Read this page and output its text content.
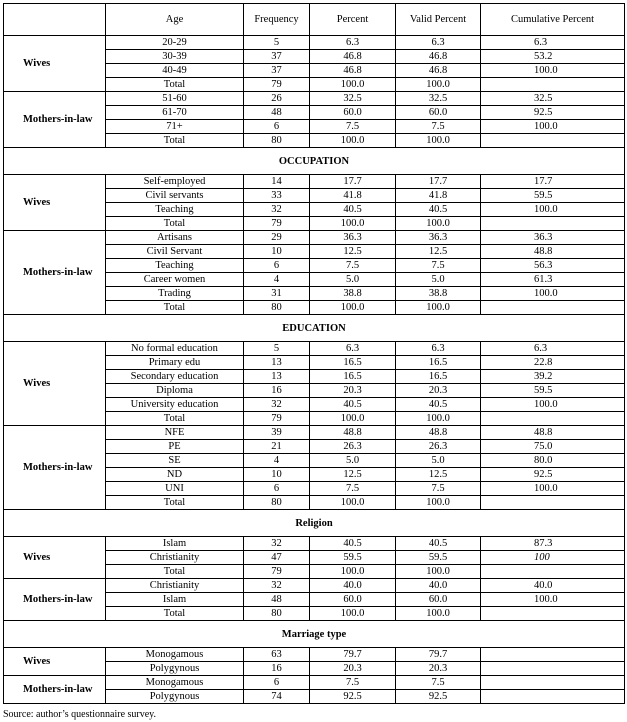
	Age	Frequency	Percent	Valid Percent	Cumulative Percent
Wives	20-29	5	6.3	6.3	6.3
	30-39	37	46.8	46.8	53.2
	40-49	37	46.8	46.8	100.0
	Total	79	100.0	100.0	
Mothers-in-law	51-60	26	32.5	32.5	32.5
	61-70	48	60.0	60.0	92.5
	71+	6	7.5	7.5	100.0
	Total	80	100.0	100.0	
OCCUPATION					
Wives	Self-employed	14	17.7	17.7	17.7
	Civil servants	33	41.8	41.8	59.5
	Teaching	32	40.5	40.5	100.0
	Total	79	100.0	100.0	
Mothers-in-law	Artisans	29	36.3	36.3	36.3
	Civil Servant	10	12.5	12.5	48.8
	Teaching	6	7.5	7.5	56.3
	Career women	4	5.0	5.0	61.3
	Trading	31	38.8	38.8	100.0
	Total	80	100.0	100.0	
EDUCATION					
Wives	No formal education	5	6.3	6.3	6.3
	Primary edu	13	16.5	16.5	22.8
	Secondary education	13	16.5	16.5	39.2
	Diploma	16	20.3	20.3	59.5
	University education	32	40.5	40.5	100.0
	Total	79	100.0	100.0	
Mothers-in-law	NFE	39	48.8	48.8	48.8
	PE	21	26.3	26.3	75.0
	SE	4	5.0	5.0	80.0
	ND	10	12.5	12.5	92.5
	UNI	6	7.5	7.5	100.0
	Total	80	100.0	100.0	
Religion					
Wives	Islam	32	40.5	40.5	87.3
	Christianity	47	59.5	59.5	100
	Total	79	100.0	100.0	
Mothers-in-law	Christianity	32	40.0	40.0	40.0
	Islam	48	60.0	60.0	100.0
	Total	80	100.0	100.0	
Marriage type					
Wives	Monogamous	63	79.7	79.7	
	Polygynous	16	20.3	20.3	
Mothers-in-law	Monogamous	6	7.5	7.5	
	Polygynous	74	92.5	92.5	
Source: author’s questionnaire survey.
